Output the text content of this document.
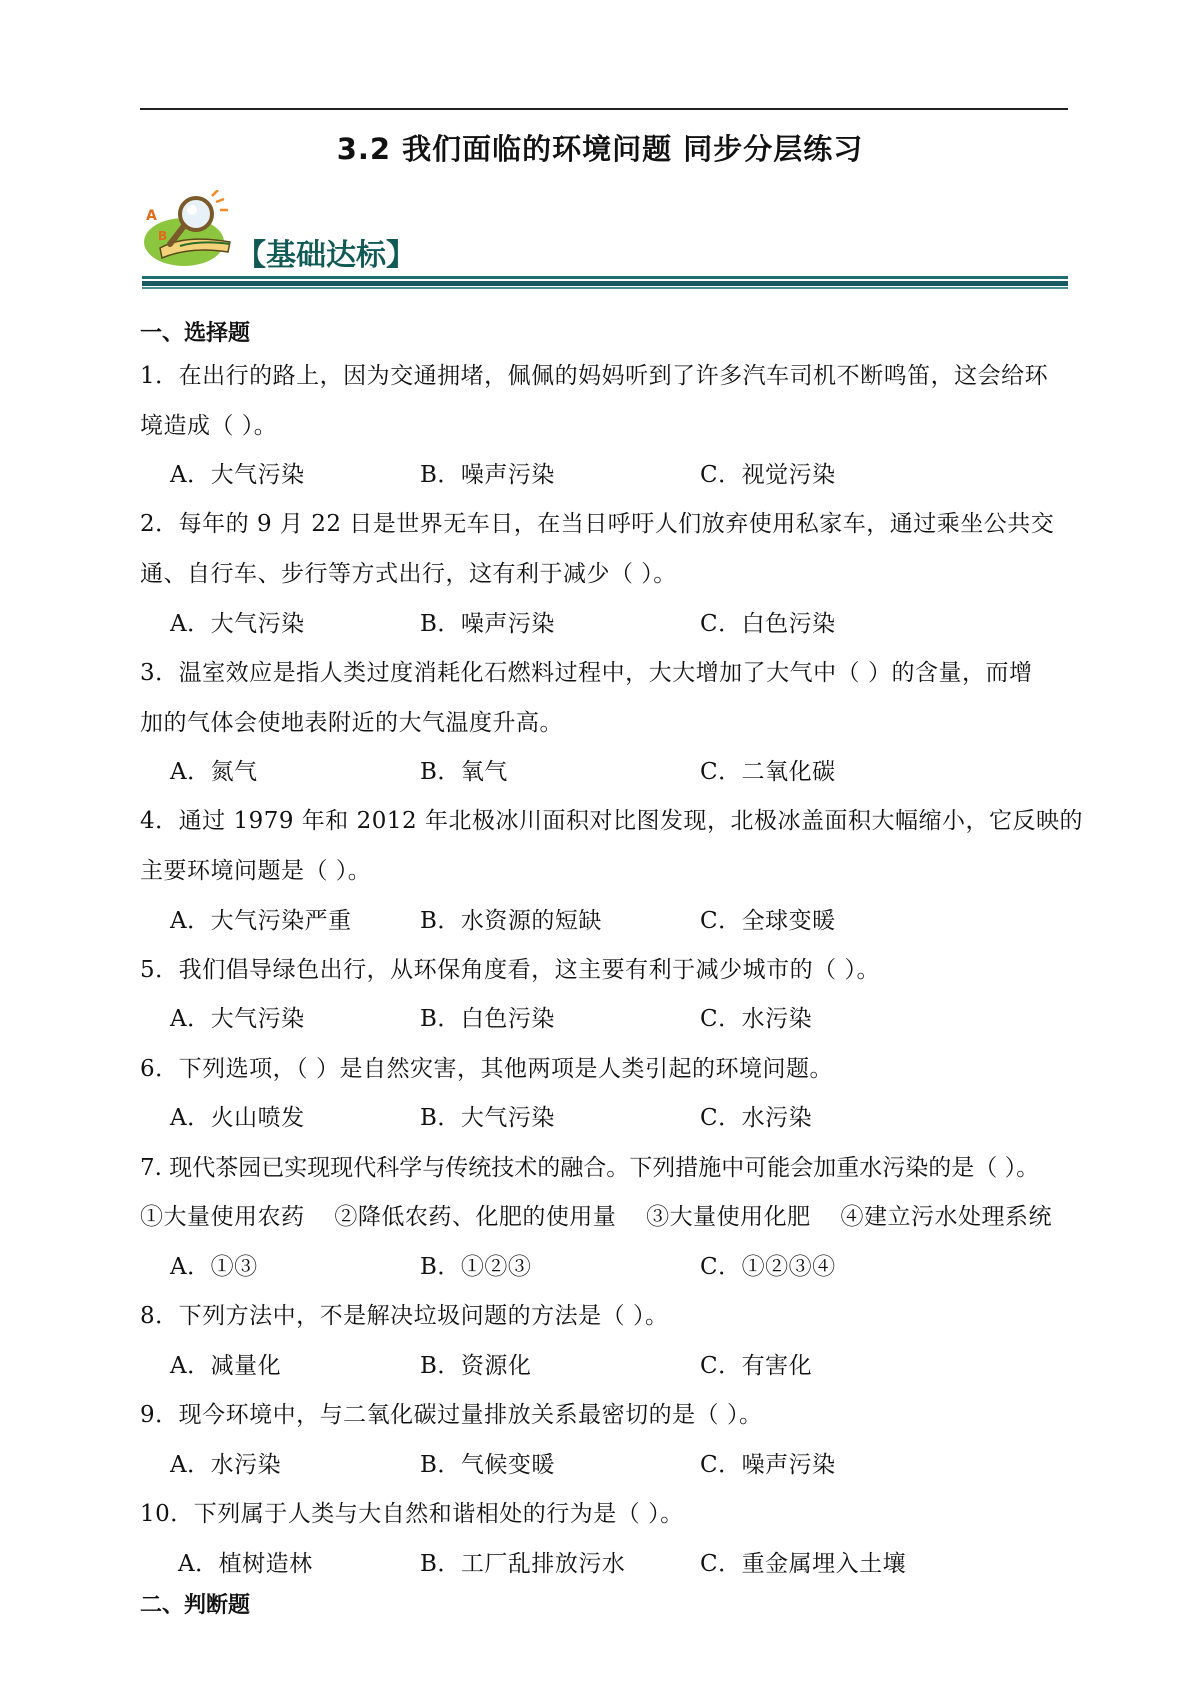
3.2 我们面临的环境问题 同步分层练习
A
B
【基础达标】
一、选择题
1．在出行的路上，因为交通拥堵，佩佩的妈妈听到了许多汽车司机不断鸣笛，这会给环
境造成（ ）。
A．大气污染	B．噪声污染	C．视觉污染
2．每年的 9 月 22 日是世界无车日，在当日呼吁人们放弃使用私家车，通过乘坐公共交
通、自行车、步行等方式出行，这有利于减少（ ）。
A．大气污染	B．噪声污染	C．白色污染
3．温室效应是指人类过度消耗化石燃料过程中，大大增加了大气中（ ）的含量，而增
加的气体会使地表附近的大气温度升高。
A．氮气	B．氧气	C．二氧化碳
4．通过 1979 年和 2012 年北极冰川面积对比图发现，北极冰盖面积大幅缩小，它反映的
主要环境问题是（ ）。
A．大气污染严重	B．水资源的短缺	C．全球变暖
5．我们倡导绿色出行，从环保角度看，这主要有利于减少城市的（ ）。
A．大气污染	B．白色污染	C．水污染
6．下列选项，（ ）是自然灾害，其他两项是人类引起的环境问题。
A．火山喷发	B．大气污染	C．水污染
7. 现代茶园已实现现代科学与传统技术的融合。下列措施中可能会加重水污染的是（ ）。
①大量使用农药 ②降低农药、化肥的使用量 ③大量使用化肥 ④建立污水处理系统
A．①③	B．①②③	C．①②③④
8．下列方法中，不是解决垃圾问题的方法是（ ）。
A．减量化	B．资源化	C．有害化
9．现今环境中，与二氧化碳过量排放关系最密切的是（ ）。
A．水污染	B．气候变暖	C．噪声污染
10．下列属于人类与大自然和谐相处的行为是（ ）。
A．植树造林	B．工厂乱排放污水	C．重金属埋入土壤
二、判断题
